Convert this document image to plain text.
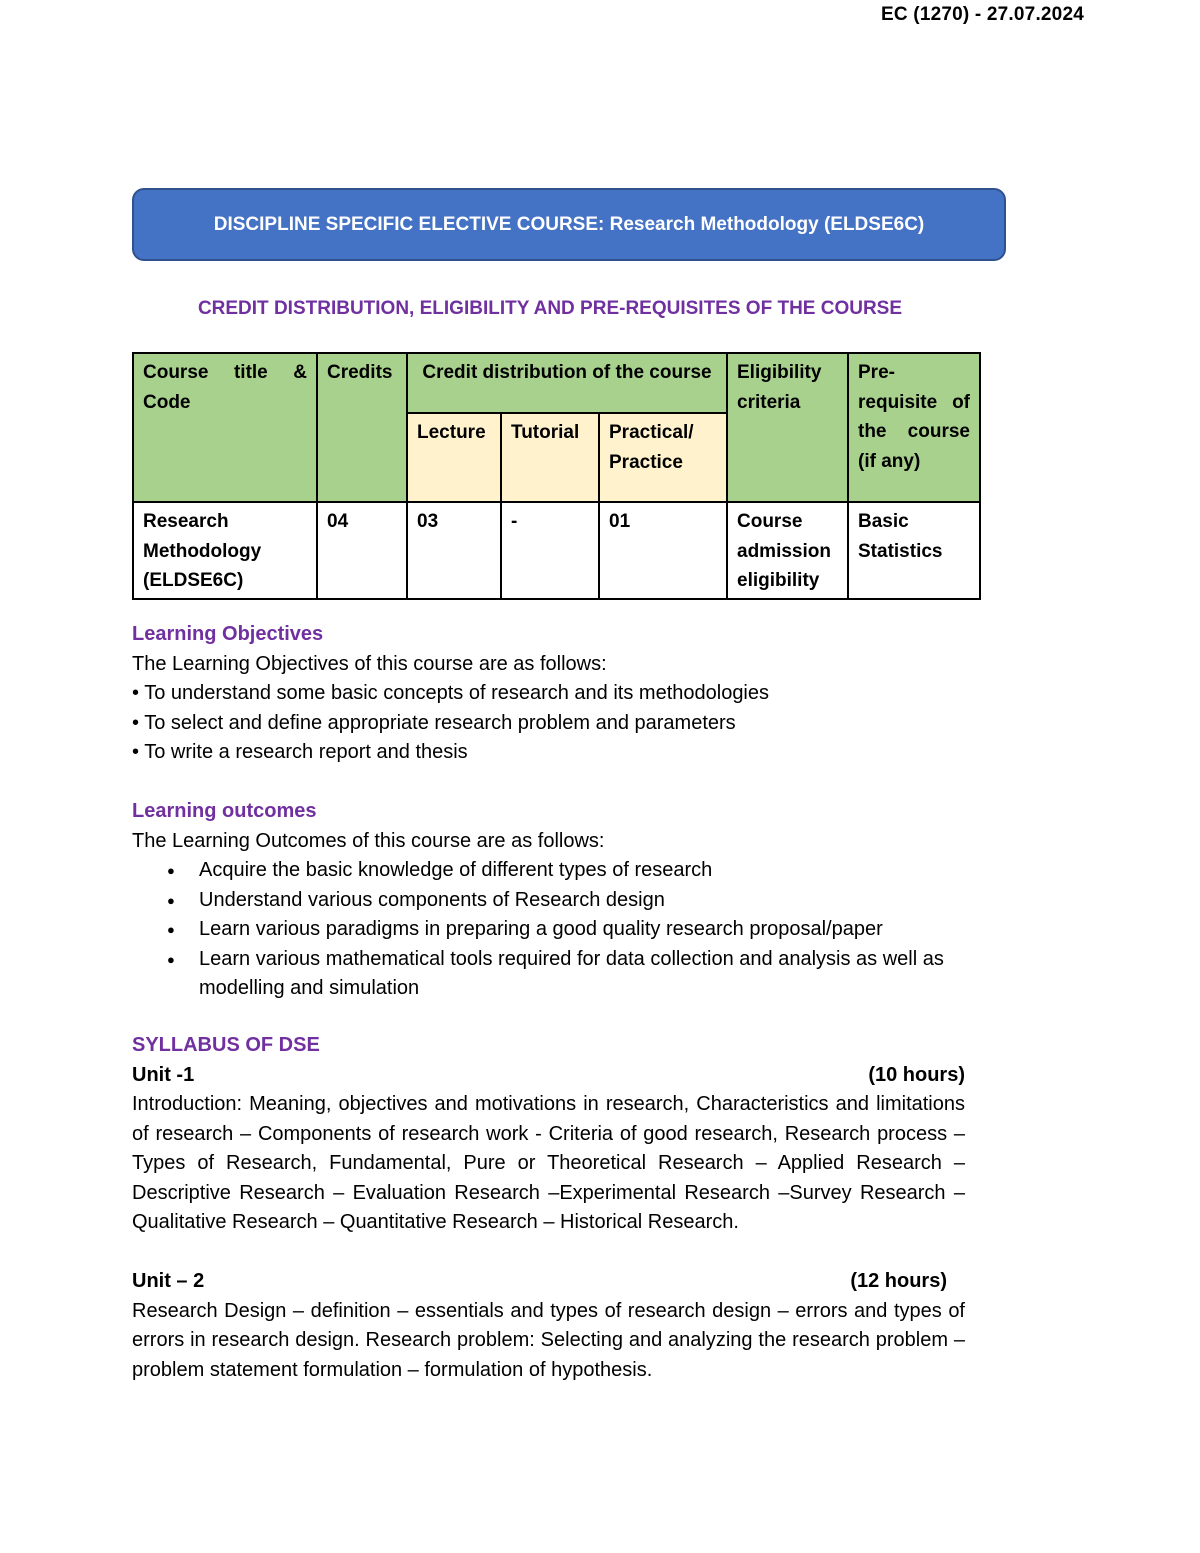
EC (1270) - 27.07.2024
DISCIPLINE SPECIFIC ELECTIVE COURSE: Research Methodology (ELDSE6C)
CREDIT DISTRIBUTION, ELIGIBILITY AND PRE-REQUISITES OF THE COURSE
Course title & Code	Credits	Credit distribution of the course			Eligibility criteria	Pre-requisite of the course (if any)
		Lecture	Tutorial	Practical/ Practice		
Research Methodology (ELDSE6C)	04	03	-	01	Course admission eligibility	Basic Statistics
Learning Objectives
The Learning Objectives of this course are as follows:
• To understand some basic concepts of research and its methodologies
• To select and define appropriate research problem and parameters
• To write a research report and thesis
Learning outcomes
The Learning Outcomes of this course are as follows:
● Acquire the basic knowledge of different types of research
● Understand various components of Research design
● Learn various paradigms in preparing a good quality research proposal/paper
● Learn various mathematical tools required for data collection and analysis as well as modelling and simulation
SYLLABUS OF DSE
Unit -1	(10 hours)
Introduction: Meaning, objectives and motivations in research, Characteristics and limitations of research – Components of research work - Criteria of good research, Research process – Types of Research, Fundamental, Pure or Theoretical Research – Applied Research –Descriptive Research – Evaluation Research –Experimental Research –Survey Research – Qualitative Research – Quantitative Research – Historical Research.
Unit – 2	(12 hours)
Research Design – definition – essentials and types of research design – errors and types of errors in research design. Research problem: Selecting and analyzing the research problem – problem statement formulation – formulation of hypothesis.
